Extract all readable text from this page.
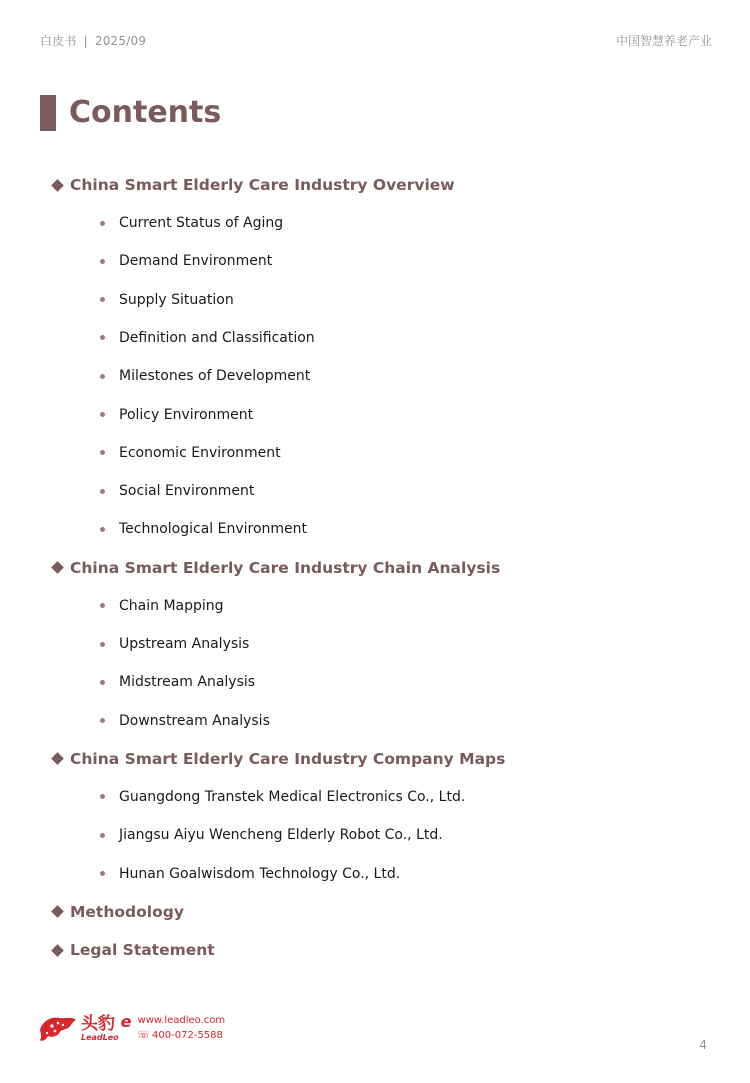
白皮书 | 2025/09	中国智慧养老产业
Contents
China Smart Elderly Care Industry Overview
Current Status of Aging
Demand Environment
Supply Situation
Definition and Classification
Milestones of Development
Policy Environment
Economic Environment
Social Environment
Technological Environment
China Smart Elderly Care Industry Chain Analysis
Chain Mapping
Upstream Analysis
Midstream Analysis
Downstream Analysis
China Smart Elderly Care Industry Company Maps
Guangdong Transtek Medical Electronics Co., Ltd.
Jiangsu Aiyu Wencheng Elderly Robot Co., Ltd.
Hunan Goalwisdom Technology Co., Ltd.
Methodology
Legal Statement
头豹
LeadLeo
e www.leadleo.com
☏ 400-072-5588
4
